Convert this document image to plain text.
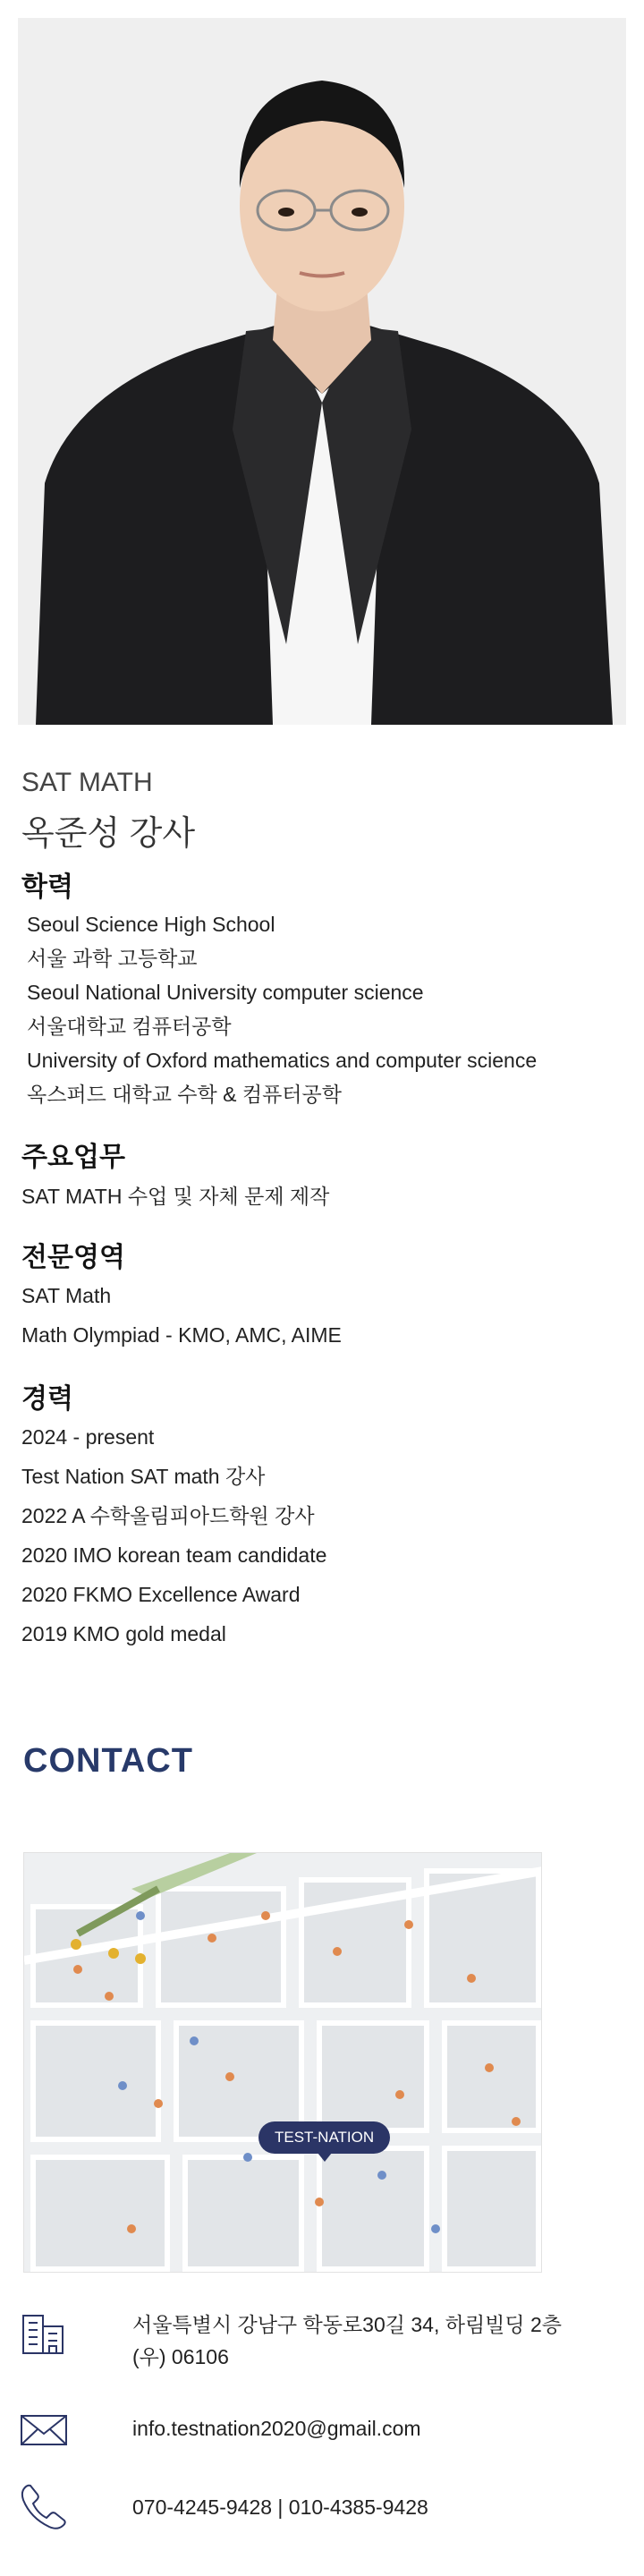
SAT MATH
옥준성 강사
학력
Seoul Science High School
서울 과학 고등학교
Seoul National University computer science
서울대학교 컴퓨터공학
University of Oxford mathematics and computer science
옥스퍼드 대학교 수학 & 컴퓨터공학
주요업무
SAT MATH 수업 및 자체 문제 제작
전문영역
SAT Math
Math Olympiad - KMO, AMC, AIME
경력
2024 - present
Test Nation SAT math 강사
2022 A 수학올림피아드학원 강사
2020 IMO korean team candidate
2020 FKMO Excellence Award
2019 KMO gold medal
CONTACT
TEST-NATION
서울특별시 강남구 학동로30길 34, 하림빌딩 2층
(우) 06106
info.testnation2020@gmail.com
070-4245-9428 | 010-4385-9428
